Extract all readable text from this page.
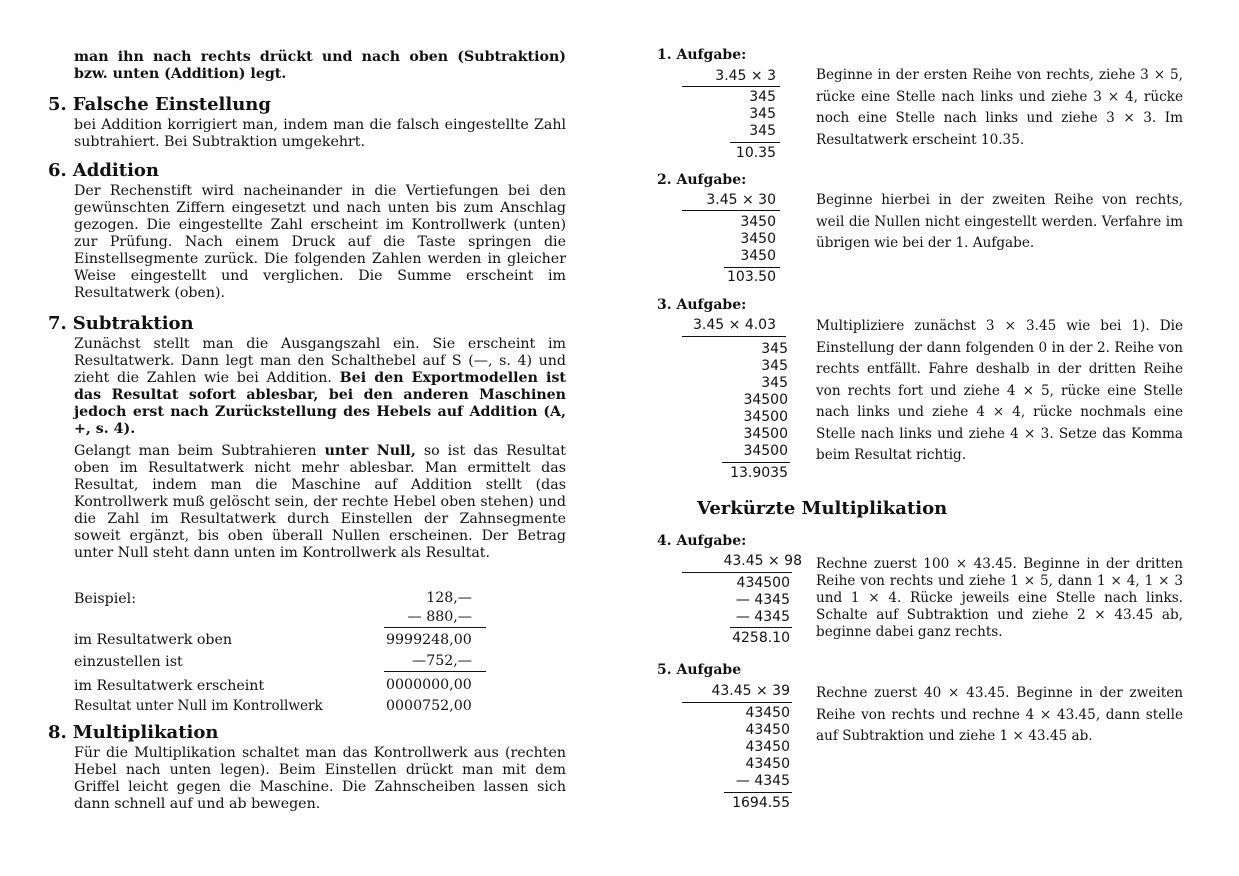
man ihn nach rechts drückt und nach oben (Subtraktion) bzw. unten (Addition) legt.

5. Falsche Einstellung

bei Addition korrigiert man, indem man die falsch eingestellte Zahl subtrahiert. Bei Subtraktion umgekehrt.

6. Addition

Der Rechenstift wird nacheinander in die Vertiefungen bei den gewünschten Ziffern eingesetzt und nach unten bis zum Anschlag gezogen. Die eingestellte Zahl erscheint im Kontrollwerk (unten) zur Prüfung. Nach einem Druck auf die Taste springen die Einstellsegmente zurück. Die folgenden Zahlen werden in gleicher Weise eingestellt und verglichen. Die Summe erscheint im Resultatwerk (oben).

7. Subtraktion

Zunächst stellt man die Ausgangszahl ein. Sie erscheint im Resultatwerk. Dann legt man den Schalthebel auf S (—, s. 4) und zieht die Zahlen wie bei Addition. Bei den Exportmodellen ist das Resultat sofort ablesbar, bei den anderen Maschinen jedoch erst nach Zurückstellung des Hebels auf Addition (A, +, s. 4).

Gelangt man beim Subtrahieren unter Null, so ist das Resultat oben im Resultatwerk nicht mehr ablesbar. Man ermittelt das Resultat, indem man die Maschine auf Addition stellt (das Kontrollwerk muß gelöscht sein, der rechte Hebel oben stehen) und die Zahl im Resultatwerk durch Einstellen der Zahnsegmente soweit ergänzt, bis oben überall Nullen erscheinen. Der Betrag unter Null steht dann unten im Kontrollwerk als Resultat.

Beispiel:	128,—
— 880,—
im Resultatwerk oben	9999248,00
einzustellen ist	—752,—
im Resultatwerk erscheint	0000000,00
Resultat unter Null im Kontrollwerk	0000752,00
8. Multiplikation

Für die Multiplikation schaltet man das Kontrollwerk aus (rechten Hebel nach unten legen). Beim Einstellen drückt man mit dem Griffel leicht gegen die Maschine. Die Zahnscheiben lassen sich dann schnell auf und ab bewegen.

1. Aufgabe:
3.45 × 3
345
345
345
10.35

Beginne in der ersten Reihe von rechts, ziehe 3 × 5, rücke eine Stelle nach links und ziehe 3 × 4, rücke noch eine Stelle nach links und ziehe 3 × 3. Im Resultatwerk erscheint 10.35.

2. Aufgabe:
3.45 × 30
3450
3450
3450
103.50

Beginne hierbei in der zweiten Reihe von rechts, weil die Nullen nicht eingestellt werden. Verfahre im übrigen wie bei der 1. Aufgabe.

3. Aufgabe:
3.45 × 4.03
345
345
345
34500
34500
34500
34500
13.9035

Multipliziere zunächst 3 × 3.45 wie bei 1). Die Einstellung der dann folgenden 0 in der 2. Reihe von rechts entfällt. Fahre deshalb in der dritten Reihe von rechts fort und ziehe 4 × 5, rücke eine Stelle nach links und ziehe 4 × 4, rücke nochmals eine Stelle nach links und ziehe 4 × 3. Setze das Komma beim Resultat richtig.

Verkürzte Multiplikation
4. Aufgabe:
43.45 × 98
434500
— 4345
— 4345
4258.10

Rechne zuerst 100 × 43.45. Beginne in der dritten Reihe von rechts und ziehe 1 × 5, dann 1 × 4, 1 × 3 und 1 × 4. Rücke jeweils eine Stelle nach links. Schalte auf Subtraktion und ziehe 2 × 43.45 ab, beginne dabei ganz rechts.

5. Aufgabe
43.45 × 39
43450
43450
43450
43450
— 4345
1694.55

Rechne zuerst 40 × 43.45. Beginne in der zweiten Reihe von rechts und rechne 4 × 43.45, dann stelle auf Subtraktion und ziehe 1 × 43.45 ab.
